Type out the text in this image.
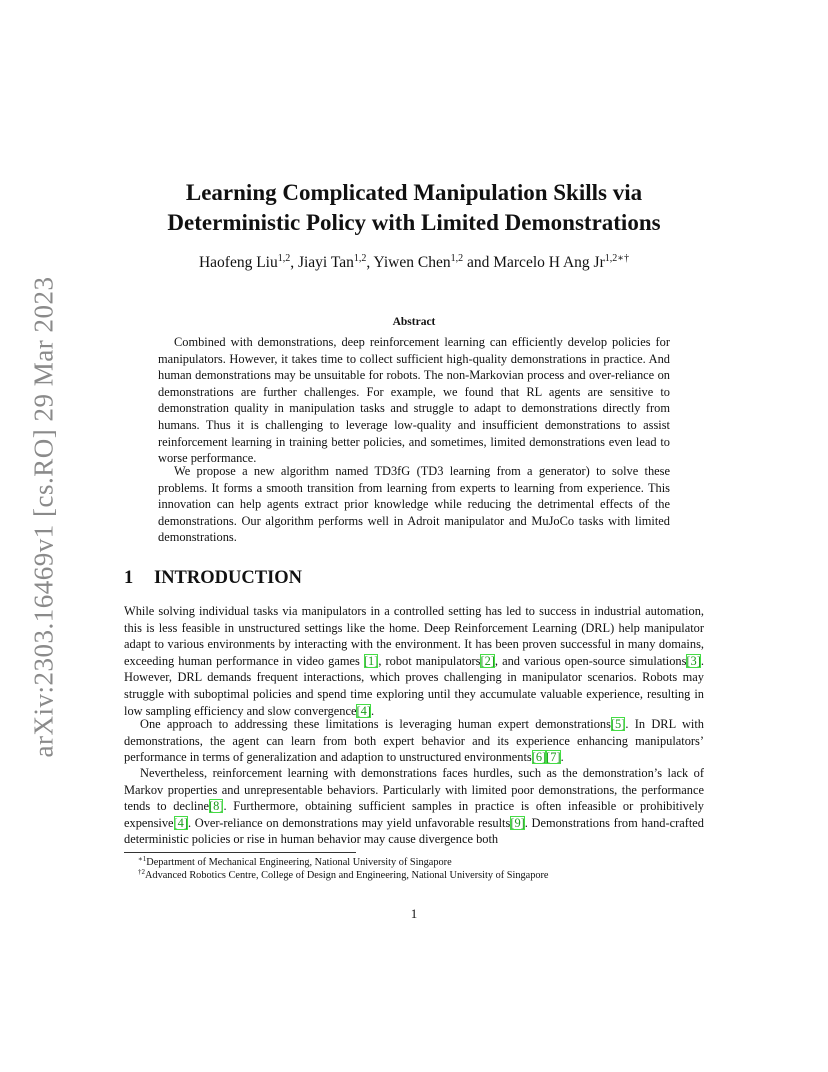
arXiv:2303.16469v1 [cs.RO] 29 Mar 2023
Learning Complicated Manipulation Skills via
Deterministic Policy with Limited Demonstrations
Haofeng Liu$^{1,2}$, Jiayi Tan$^{1,2}$, Yiwen Chen$^{1,2}$ and Marcelo H Ang $Jr^{1,2∗\dagger}$
Abstract

Combined with demonstrations, deep reinforcement learning can efficiently develop policies for manipulators. However, it takes time to collect sufficient high-quality demonstrations in practice. And human demonstrations may be unsuitable for robots. The non-Markovian process and over-reliance on demonstrations are further challenges. For example, we found that RL agents are sensitive to demonstration quality in manipulation tasks and struggle to adapt to demonstrations directly from humans. Thus it is challenging to leverage low-quality and insufficient demonstrations to assist reinforcement learning in training better policies, and sometimes, limited demonstrations even lead to worse performance.

We propose a new algorithm named TD3fG (TD3 learning from a generator) to solve these problems. It forms a smooth transition from learning from experts to learning from experience. This innovation can help agents extract prior knowledge while reducing the detrimental effects of the demonstrations. Our algorithm performs well in Adroit manipulator and MuJoCo tasks with limited demonstrations.

1 INTRODUCTION

While solving individual tasks via manipulators in a controlled setting has led to success in industrial automation, this is less feasible in unstructured settings like the home. Deep Reinforcement Learning (DRL) help manipulator adapt to various environments by interacting with the environment. It has been proven successful in many domains, exceeding human performance in video games [1], robot manipulators[2], and various open-source simulations[3]. However, DRL demands frequent interactions, which proves challenging in manipulator scenarios. Robots may struggle with suboptimal policies and spend time exploring until they accumulate valuable experience, resulting in low sampling efficiency and slow convergence[4].

One approach to addressing these limitations is leveraging human expert demonstrations[5]. In DRL with demonstrations, the agent can learn from both expert behavior and its experience enhancing manipulators’ performance in terms of generalization and adaption to unstructured environments[6][7].

Nevertheless, reinforcement learning with demonstrations faces hurdles, such as the demonstration’s lack of Markov properties and unrepresentable behaviors. Particularly with limited poor demonstrations, the performance tends to decline[8]. Furthermore, obtaining sufficient samples in practice is often infeasible or prohibitively expensive[4]. Over-reliance on demonstrations may yield unfavorable results[9]. Demonstrations from hand-crafted deterministic policies or rise in human behavior may cause divergence both

$^{∗1}$Department of Mechanical Engineering, National University of Singapore
$^{\dagger 2}$Advanced Robotics Centre, College of Design and Engineering, National University of Singapore
1
